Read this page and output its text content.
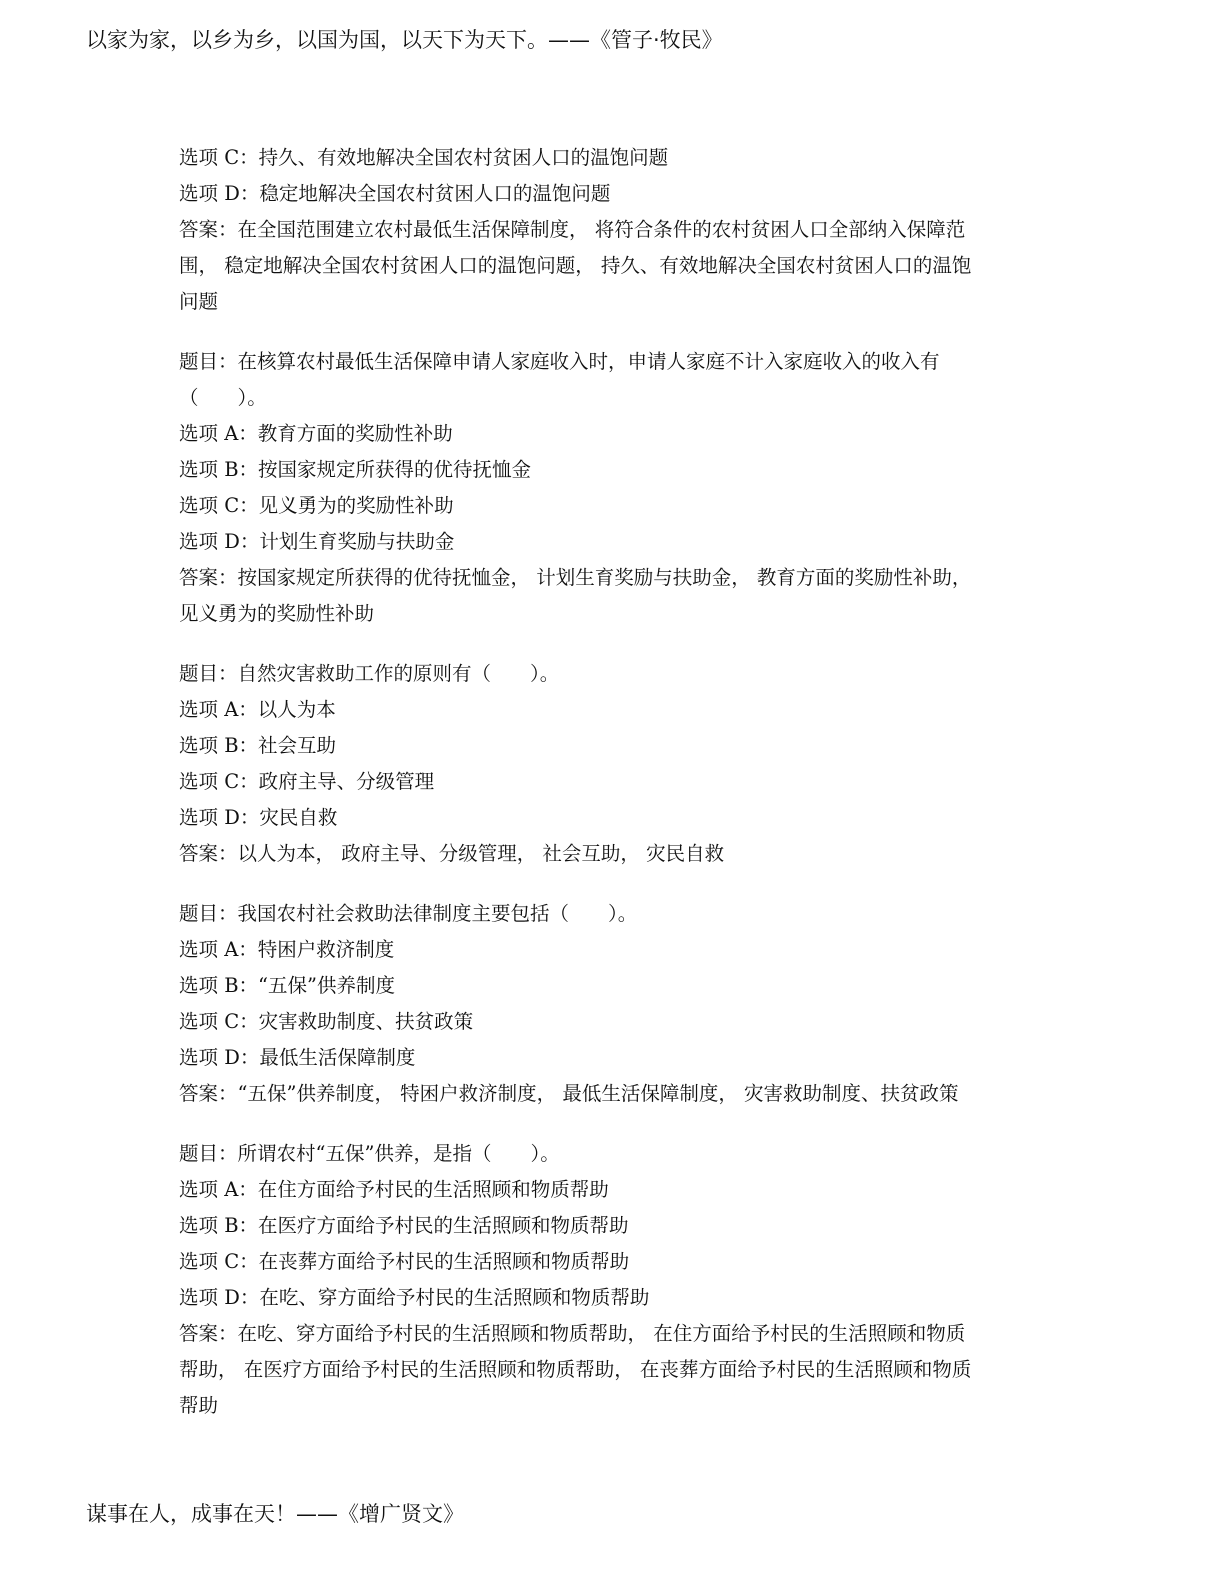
以家为家，以乡为乡，以国为国，以天下为天下。——《管子·牧民》
选项 C：持久、有效地解决全国农村贫困人口的温饱问题
选项 D：稳定地解决全国农村贫困人口的温饱问题
答案：在全国范围建立农村最低生活保障制度， 将符合条件的农村贫困人口全部纳入保障范
围， 稳定地解决全国农村贫困人口的温饱问题， 持久、有效地解决全国农村贫困人口的温饱
问题
题目：在核算农村最低生活保障申请人家庭收入时，申请人家庭不计入家庭收入的收入有
（　　）。
选项 A：教育方面的奖励性补助
选项 B：按国家规定所获得的优待抚恤金
选项 C：见义勇为的奖励性补助
选项 D：计划生育奖励与扶助金
答案：按国家规定所获得的优待抚恤金， 计划生育奖励与扶助金， 教育方面的奖励性补助，
见义勇为的奖励性补助
题目：自然灾害救助工作的原则有（　　）。
选项 A：以人为本
选项 B：社会互助
选项 C：政府主导、分级管理
选项 D：灾民自救
答案：以人为本， 政府主导、分级管理， 社会互助， 灾民自救
题目：我国农村社会救助法律制度主要包括（　　）。
选项 A：特困户救济制度
选项 B：“五保”供养制度
选项 C：灾害救助制度、扶贫政策
选项 D：最低生活保障制度
答案：“五保”供养制度， 特困户救济制度， 最低生活保障制度， 灾害救助制度、扶贫政策
题目：所谓农村“五保”供养，是指（　　）。
选项 A：在住方面给予村民的生活照顾和物质帮助
选项 B：在医疗方面给予村民的生活照顾和物质帮助
选项 C：在丧葬方面给予村民的生活照顾和物质帮助
选项 D：在吃、穿方面给予村民的生活照顾和物质帮助
答案：在吃、穿方面给予村民的生活照顾和物质帮助， 在住方面给予村民的生活照顾和物质
帮助， 在医疗方面给予村民的生活照顾和物质帮助， 在丧葬方面给予村民的生活照顾和物质
帮助
谋事在人，成事在天！——《增广贤文》
